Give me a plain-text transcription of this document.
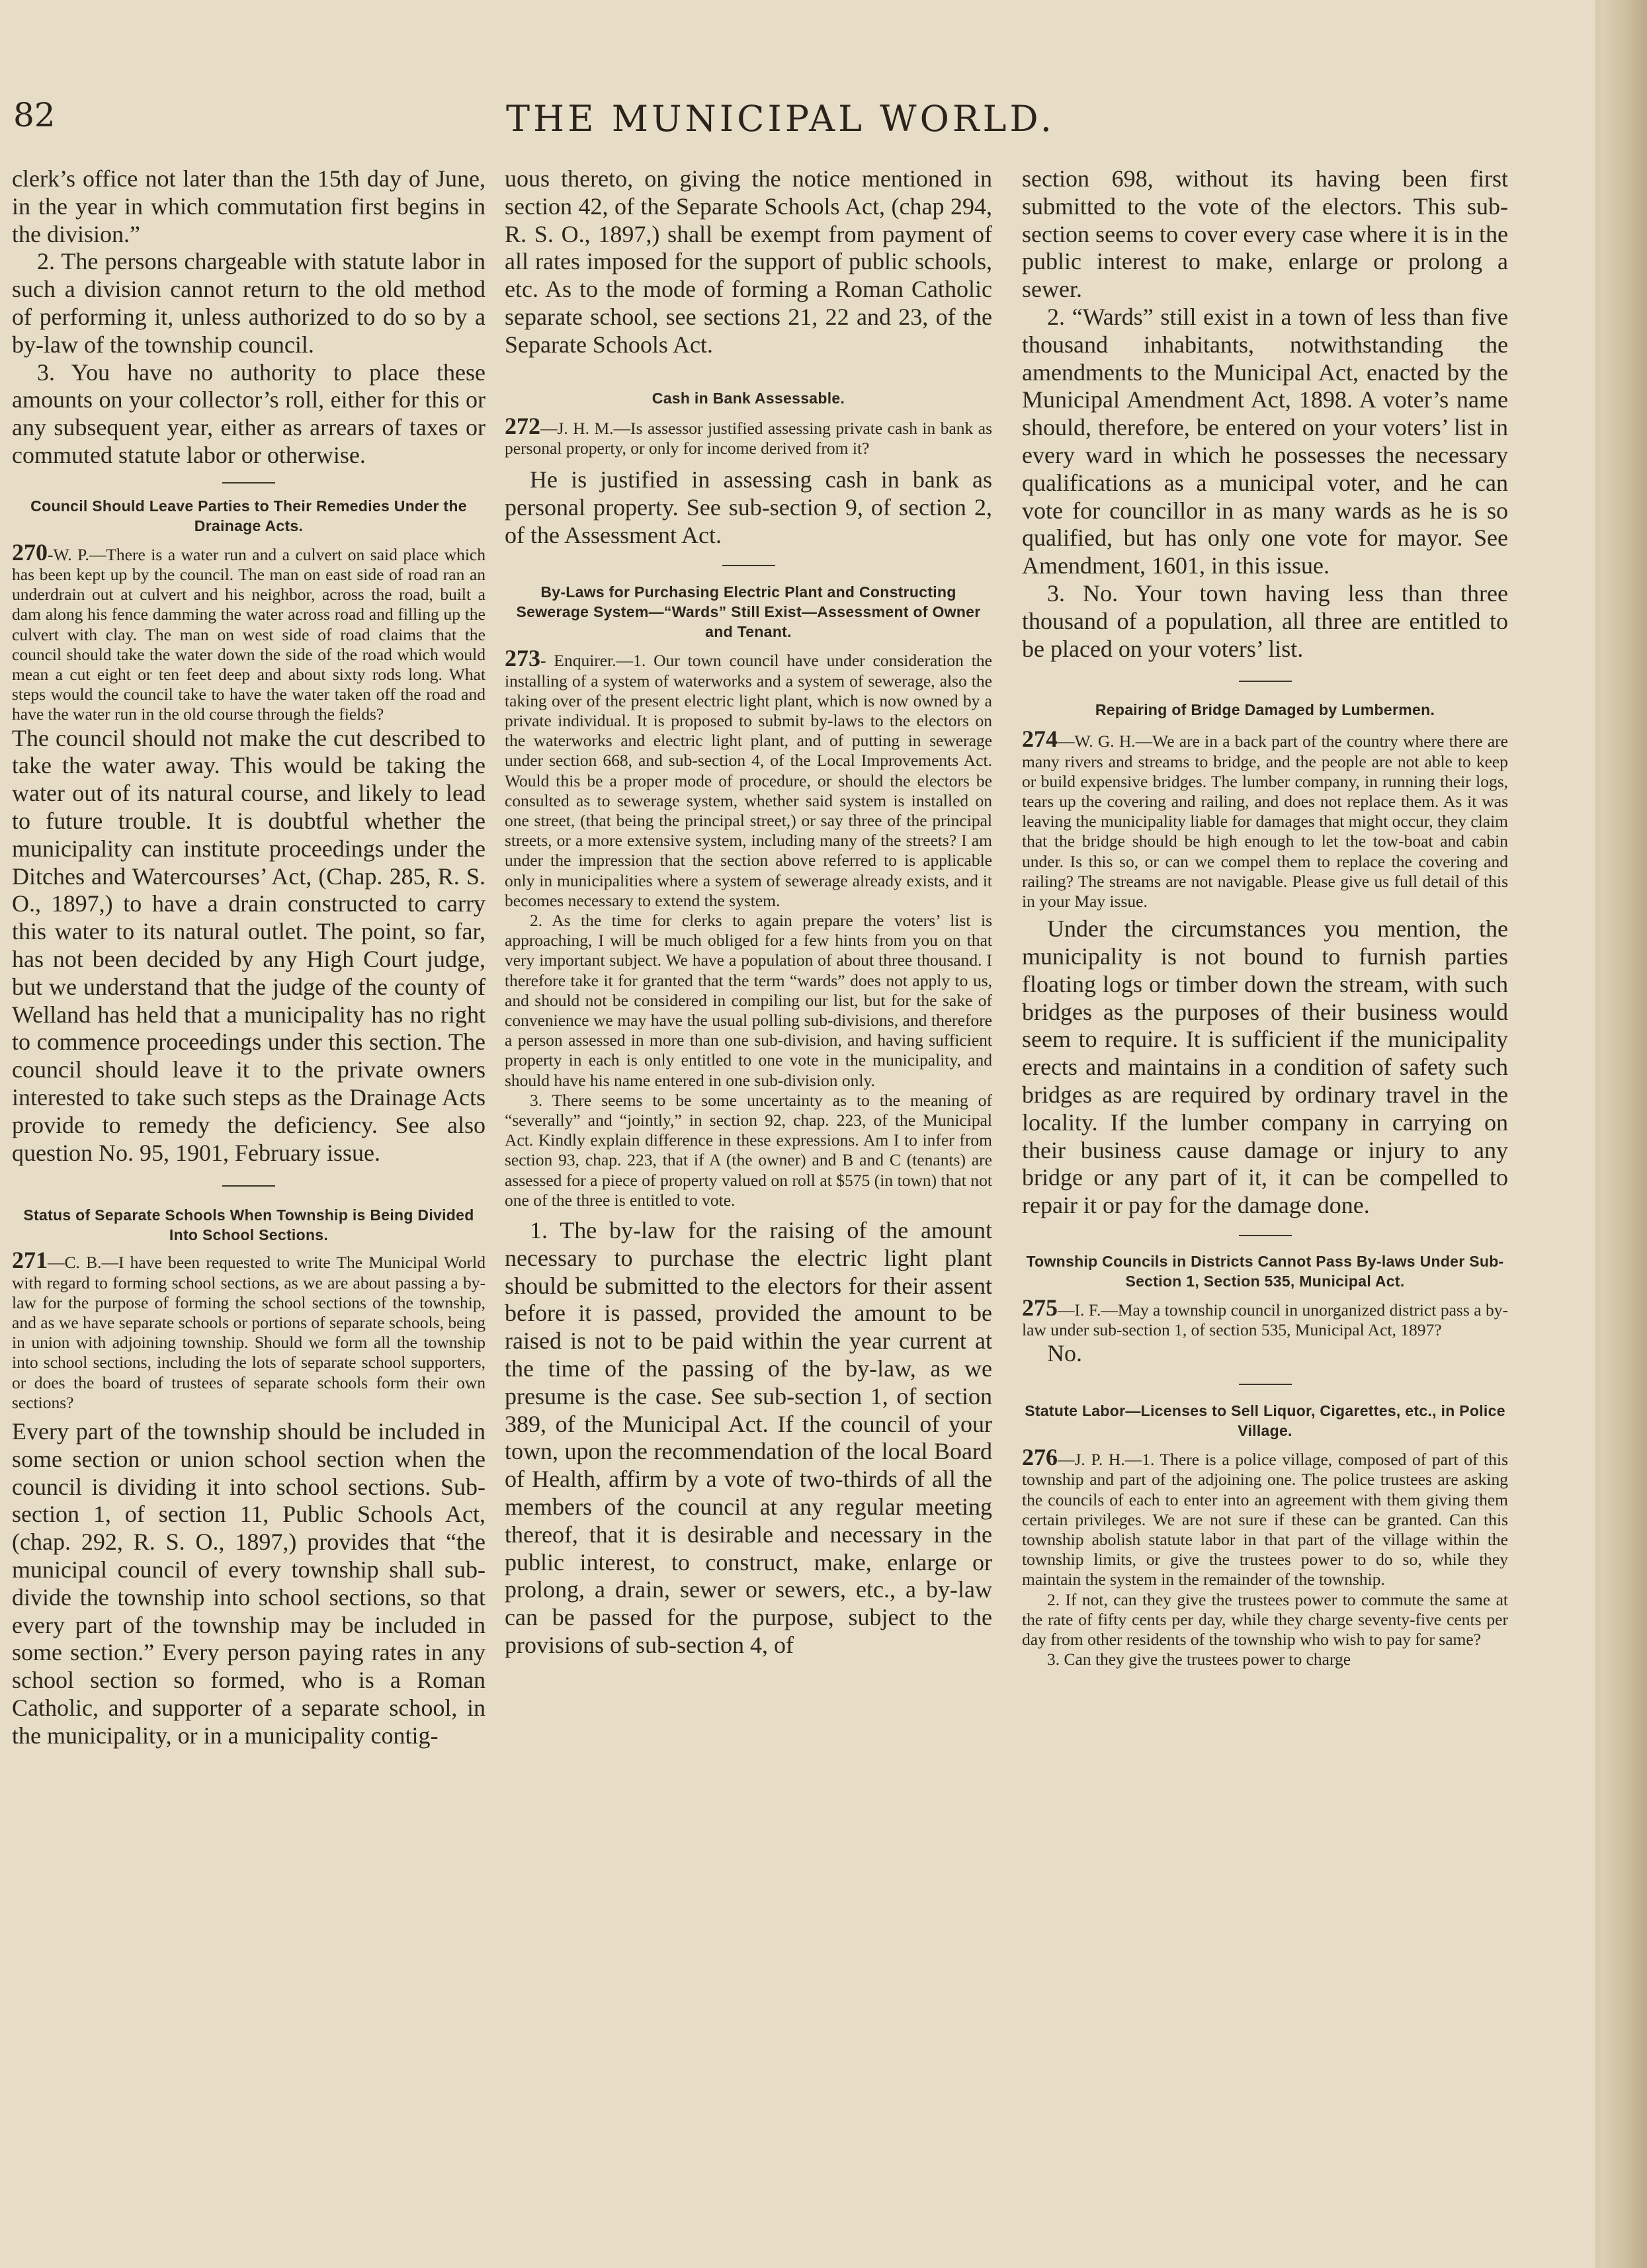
82	THE MUNICIPAL WORLD.

clerk’s office not later than the 15th day of June, in the year in which commutation first begins in the division.”

2. The persons chargeable with statute labor in such a division cannot return to the old method of performing it, unless authorized to do so by a by-law of the township council.

3. You have no authority to place these amounts on your collector’s roll, either for this or any subsequent year, either as arrears of taxes or commuted statute labor or otherwise.

Council Should Leave Parties to Their Remedies Under the Drainage Acts.

270-W. P.—There is a water run and a culvert on said place which has been kept up by the council. The man on east side of road ran an underdrain out at culvert and his neighbor, across the road, built a dam along his fence damming the water across road and filling up the culvert with clay. The man on west side of road claims that the council should take the water down the side of the road which would mean a cut eight or ten feet deep and about sixty rods long. What steps would the council take to have the water taken off the road and have the water run in the old course through the fields?

The council should not make the cut described to take the water away. This would be taking the water out of its natural course, and likely to lead to future trouble. It is doubtful whether the municipality can institute proceedings under the Ditches and Watercourses’ Act, (Chap. 285, R. S. O., 1897,) to have a drain constructed to carry this water to its natural outlet. The point, so far, has not been decided by any High Court judge, but we understand that the judge of the county of Welland has held that a municipality has no right to commence proceedings under this section. The council should leave it to the private owners interested to take such steps as the Drainage Acts provide to remedy the deficiency. See also question No. 95, 1901, February issue.

Status of Separate Schools When Township is Being Divided Into School Sections.

271—C. B.—I have been requested to write The Municipal World with regard to forming school sections, as we are about passing a by-law for the purpose of forming the school sections of the township, and as we have separate schools or portions of separate schools, being in union with adjoining township. Should we form all the township into school sections, including the lots of separate school supporters, or does the board of trustees of separate schools form their own sections?

Every part of the township should be included in some section or union school section when the council is dividing it into school sections. Sub-section 1, of section 11, Public Schools Act, (chap. 292, R. S. O., 1897,) provides that “the municipal council of every township shall sub-divide the township into school sections, so that every part of the township may be included in some section.” Every person paying rates in any school section so formed, who is a Roman Catholic, and supporter of a separate school, in the municipality, or in a municipality contig-

uous thereto, on giving the notice mentioned in section 42, of the Separate Schools Act, (chap 294, R. S. O., 1897,) shall be exempt from payment of all rates imposed for the support of public schools, etc. As to the mode of forming a Roman Catholic separate school, see sections 21, 22 and 23, of the Separate Schools Act.

Cash in Bank Assessable.

272—J. H. M.—Is assessor justified assessing private cash in bank as personal property, or only for income derived from it?

He is justified in assessing cash in bank as personal property. See sub-section 9, of section 2, of the Assessment Act.

By-Laws for Purchasing Electric Plant and Constructing Sewerage System—“Wards” Still Exist—Assessment of Owner and Tenant.

273- Enquirer.—1. Our town council have under consideration the installing of a system of waterworks and a system of sewerage, also the taking over of the present electric light plant, which is now owned by a private individual. It is proposed to submit by-laws to the electors on the waterworks and electric light plant, and of putting in sewerage under section 668, and sub-section 4, of the Local Improvements Act. Would this be a proper mode of procedure, or should the electors be consulted as to sewerage system, whether said system is installed on one street, (that being the principal street,) or say three of the principal streets, or a more extensive system, including many of the streets? I am under the impression that the section above referred to is applicable only in municipalities where a system of sewerage already exists, and it becomes necessary to extend the system.

2. As the time for clerks to again prepare the voters’ list is approaching, I will be much obliged for a few hints from you on that very important subject. We have a population of about three thousand. I therefore take it for granted that the term “wards” does not apply to us, and should not be considered in compiling our list, but for the sake of convenience we may have the usual polling sub-divisions, and therefore a person assessed in more than one sub-division, and having sufficient property in each is only entitled to one vote in the municipality, and should have his name entered in one sub-division only.

3. There seems to be some uncertainty as to the meaning of “severally” and “jointly,” in section 92, chap. 223, of the Municipal Act. Kindly explain difference in these expressions. Am I to infer from section 93, chap. 223, that if A (the owner) and B and C (tenants) are assessed for a piece of property valued on roll at $575 (in town) that not one of the three is entitled to vote.

1. The by-law for the raising of the amount necessary to purchase the electric light plant should be submitted to the electors for their assent before it is passed, provided the amount to be raised is not to be paid within the year current at the time of the passing of the by-law, as we presume is the case. See sub-section 1, of section 389, of the Municipal Act. If the council of your town, upon the recommendation of the local Board of Health, affirm by a vote of two-thirds of all the members of the council at any regular meeting thereof, that it is desirable and necessary in the public interest, to construct, make, enlarge or prolong, a drain, sewer or sewers, etc., a by-law can be passed for the purpose, subject to the provisions of sub-section 4, of

section 698, without its having been first submitted to the vote of the electors. This sub-section seems to cover every case where it is in the public interest to make, enlarge or prolong a sewer.

2. “Wards” still exist in a town of less than five thousand inhabitants, notwithstanding the amendments to the Municipal Act, enacted by the Municipal Amendment Act, 1898. A voter’s name should, therefore, be entered on your voters’ list in every ward in which he possesses the necessary qualifications as a municipal voter, and he can vote for councillor in as many wards as he is so qualified, but has only one vote for mayor. See Amendment, 1601, in this issue.

3. No. Your town having less than three thousand of a population, all three are entitled to be placed on your voters’ list.

Repairing of Bridge Damaged by Lumbermen.

274—W. G. H.—We are in a back part of the country where there are many rivers and streams to bridge, and the people are not able to keep or build expensive bridges. The lumber company, in running their logs, tears up the covering and railing, and does not replace them. As it was leaving the municipality liable for damages that might occur, they claim that the bridge should be high enough to let the tow-boat and cabin under. Is this so, or can we compel them to replace the covering and railing? The streams are not navigable. Please give us full detail of this in your May issue.

Under the circumstances you mention, the municipality is not bound to furnish parties floating logs or timber down the stream, with such bridges as the purposes of their business would seem to require. It is sufficient if the municipality erects and maintains in a condition of safety such bridges as are required by ordinary travel in the locality. If the lumber company in carrying on their business cause damage or injury to any bridge or any part of it, it can be compelled to repair it or pay for the damage done.

Township Councils in Districts Cannot Pass By-laws Under Sub-Section 1, Section 535, Municipal Act.

275—I. F.—May a township council in unorganized district pass a by-law under sub-section 1, of section 535, Municipal Act, 1897?

No.

Statute Labor—Licenses to Sell Liquor, Cigarettes, etc., in Police Village.

276—J. P. H.—1. There is a police village, composed of part of this township and part of the adjoining one. The police trustees are asking the councils of each to enter into an agreement with them giving them certain privileges. We are not sure if these can be granted. Can this township abolish statute labor in that part of the village within the township limits, or give the trustees power to do so, while they maintain the system in the remainder of the township.

2. If not, can they give the trustees power to commute the same at the rate of fifty cents per day, while they charge seventy-five cents per day from other residents of the township who wish to pay for same?

3. Can they give the trustees power to charge
